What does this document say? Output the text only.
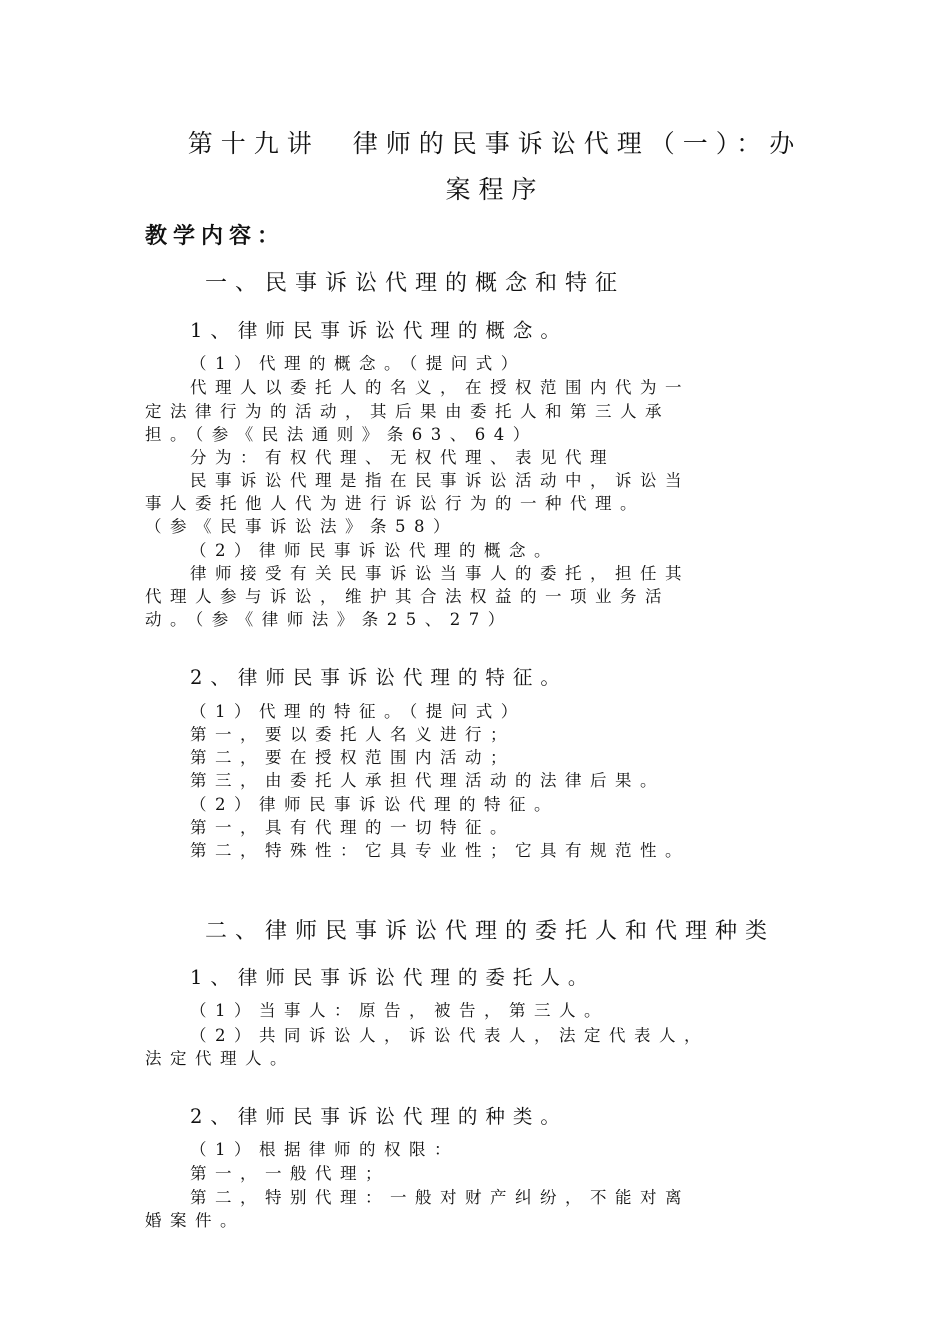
第十九讲　律师的民事诉讼代理（一）：办
案程序
教学内容：
一、民事诉讼代理的概念和特征
1、律师民事诉讼代理的概念。
（1）代理的概念。（提问式）
代理人以委托人的名义，在授权范围内代为一
定法律行为的活动，其后果由委托人和第三人承
担。（参《民法通则》条63、64）
分为：有权代理、无权代理、表见代理
民事诉讼代理是指在民事诉讼活动中，诉讼当
事人委托他人代为进行诉讼行为的一种代理。
（参《民事诉讼法》条58）
（2）律师民事诉讼代理的概念。
律师接受有关民事诉讼当事人的委托，担任其
代理人参与诉讼，维护其合法权益的一项业务活
动。（参《律师法》条25、27）
2、律师民事诉讼代理的特征。
（1）代理的特征。（提问式）
第一，要以委托人名义进行；
第二，要在授权范围内活动；
第三，由委托人承担代理活动的法律后果。
（2）律师民事诉讼代理的特征。
第一，具有代理的一切特征。
第二，特殊性：它具专业性；它具有规范性。
二、律师民事诉讼代理的委托人和代理种类
1、律师民事诉讼代理的委托人。
（1）当事人：原告，被告，第三人。
（2）共同诉讼人，诉讼代表人，法定代表人，
法定代理人。
2、律师民事诉讼代理的种类。
（1）根据律师的权限：
第一，一般代理；
第二，特别代理：一般对财产纠纷，不能对离
婚案件。
